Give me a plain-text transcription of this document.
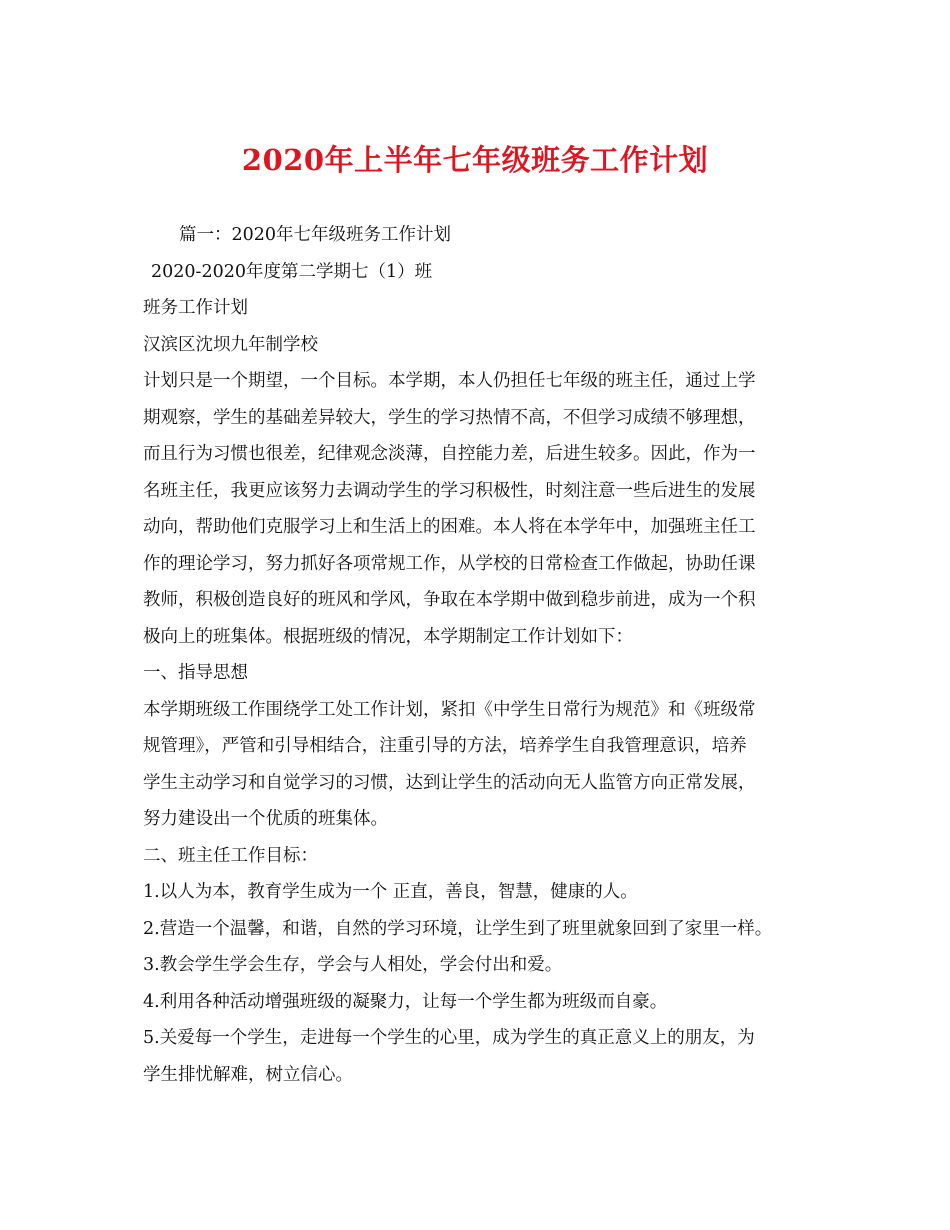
2020年上半年七年级班务工作计划
篇一：2020年七年级班务工作计划
2020-2020年度第二学期七（1）班
班务工作计划
汉滨区沈坝九年制学校
计划只是一个期望，一个目标。本学期，本人仍担任七年级的班主任，通过上学
期观察，学生的基础差异较大，学生的学习热情不高，不但学习成绩不够理想，
而且行为习惯也很差，纪律观念淡薄，自控能力差，后进生较多。因此，作为一
名班主任，我更应该努力去调动学生的学习积极性，时刻注意一些后进生的发展
动向，帮助他们克服学习上和生活上的困难。本人将在本学年中，加强班主任工
作的理论学习，努力抓好各项常规工作，从学校的日常检查工作做起，协助任课
教师，积极创造良好的班风和学风，争取在本学期中做到稳步前进，成为一个积
极向上的班集体。根据班级的情况，本学期制定工作计划如下：
一、指导思想
本学期班级工作围绕学工处工作计划，紧扣《中学生日常行为规范》和《班级常
规管理》，严管和引导相结合，注重引导的方法，培养学生自我管理意识，培养
学生主动学习和自觉学习的习惯，达到让学生的活动向无人监管方向正常发展，
努力建设出一个优质的班集体。
二、班主任工作目标：
1.以人为本，教育学生成为一个 正直，善良，智慧，健康的人。
2.营造一个温馨，和谐，自然的学习环境，让学生到了班里就象回到了家里一样。
3.教会学生学会生存，学会与人相处，学会付出和爱。
4.利用各种活动增强班级的凝聚力，让每一个学生都为班级而自豪。
5.关爱每一个学生，走进每一个学生的心里，成为学生的真正意义上的朋友，为
学生排忧解难，树立信心。
